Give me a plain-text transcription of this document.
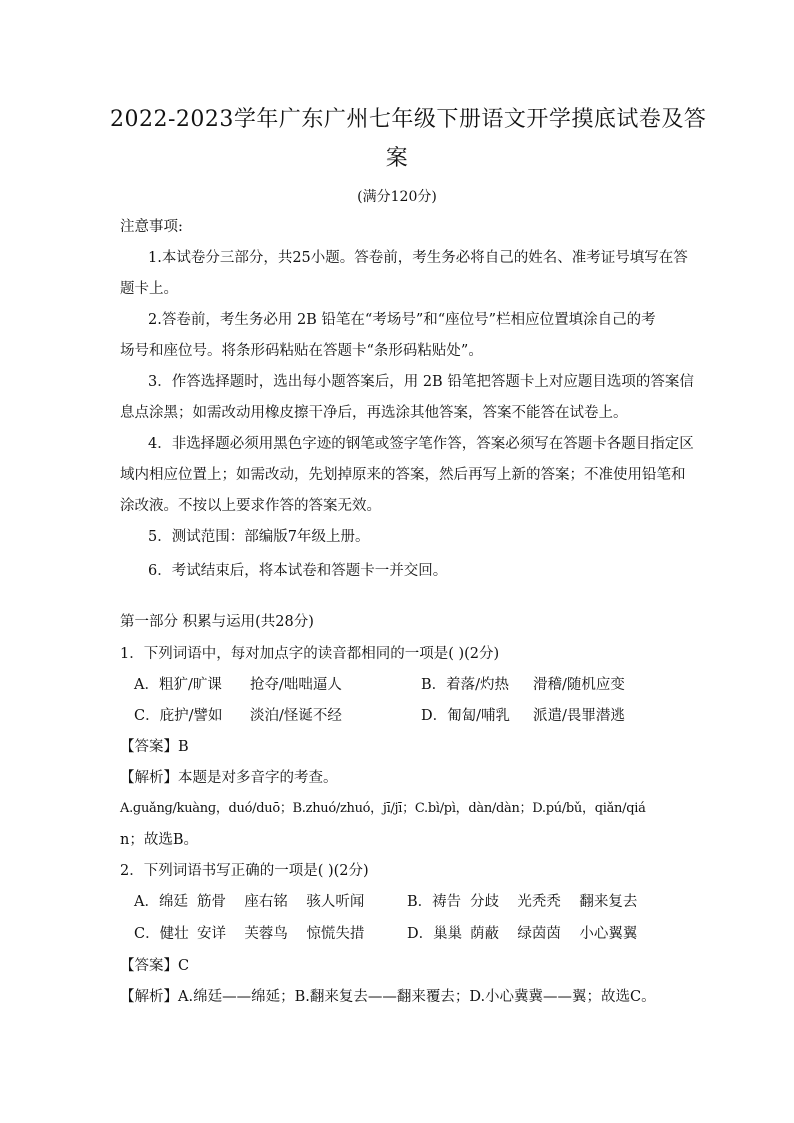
2022-2023学年广东广州七年级下册语文开学摸底试卷及答
案
(满分120分)
注意事项:
1.本试卷分三部分，共25小题。答卷前，考生务必将自己的姓名、准考证号填写在答
题卡上。
2.答卷前，考生务必用 2B 铅笔在“考场号”和“座位号”栏相应位置填涂自己的考
场号和座位号。将条形码粘贴在答题卡“条形码粘贴处”。
3．作答选择题时，选出每小题答案后，用 2B 铅笔把答题卡上对应题目选项的答案信
息点涂黑；如需改动用橡皮擦干净后，再选涂其他答案，答案不能答在试卷上。
4．非选择题必须用黑色字迹的钢笔或签字笔作答，答案必须写在答题卡各题目指定区
域内相应位置上；如需改动，先划掉原来的答案，然后再写上新的答案；不准使用铅笔和
涂改液。不按以上要求作答的答案无效。
5．测试范围：部编版7年级上册。
6．考试结束后，将本试卷和答题卡一并交回。
第一部分 积累与运用(共28分)
1．下列词语中，每对加点字的读音都相同的一项是( )(2分)
A．粗犷/旷课 抢夺/咄咄逼人	B．着落/灼热 滑稽/随机应变
C．庇护/譬如 淡泊/怪诞不经	D．匍匐/哺乳 派遣/畏罪潜逃
【答案】B
【解析】本题是对多音字的考查。
A.ɡuǎnɡ/kuànɡ，duó/duō；B.zhuó/zhuó，jī/jī；C.bì/pì，dàn/dàn；D.pú/bǔ，qiǎn/qiá
n；故选B。
2．下列词语书写正确的一项是( )(2分)
A．绵廷 筋骨    座右铭    骇人听闻	B．祷告 分歧    光秃秃    翻来复去
C．健壮 安详    芙蓉鸟    惊慌失措	D．巢巢 荫蔽    绿茵茵    小心翼翼
【答案】C
【解析】A.绵廷——绵延；B.翻来复去——翻来覆去；D.小心冀冀——翼；故选C。
